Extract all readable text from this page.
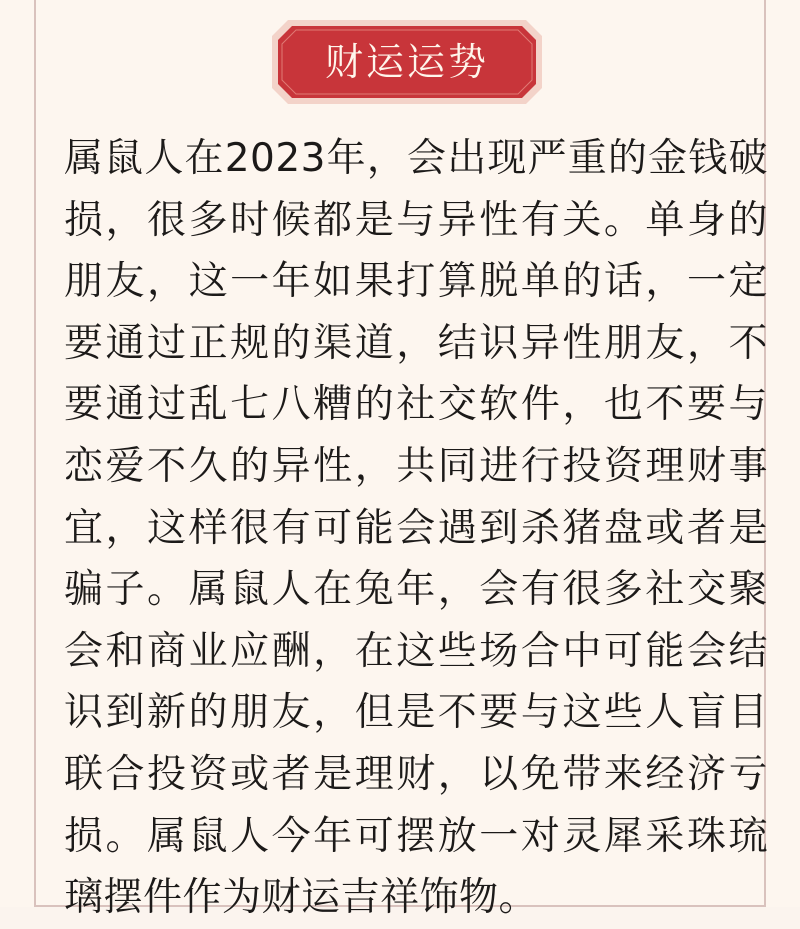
财运运势

属鼠人在2023年，会出现严重的金钱破损，很多时候都是与异性有关。单身的朋友，这一年如果打算脱单的话，一定要通过正规的渠道，结识异性朋友，不要通过乱七八糟的社交软件，也不要与恋爱不久的异性，共同进行投资理财事宜，这样很有可能会遇到杀猪盘或者是骗子。属鼠人在兔年，会有很多社交聚会和商业应酬，在这些场合中可能会结识到新的朋友，但是不要与这些人盲目联合投资或者是理财，以免带来经济亏损。属鼠人今年可摆放一对灵犀采珠琉璃摆件作为财运吉祥饰物。
